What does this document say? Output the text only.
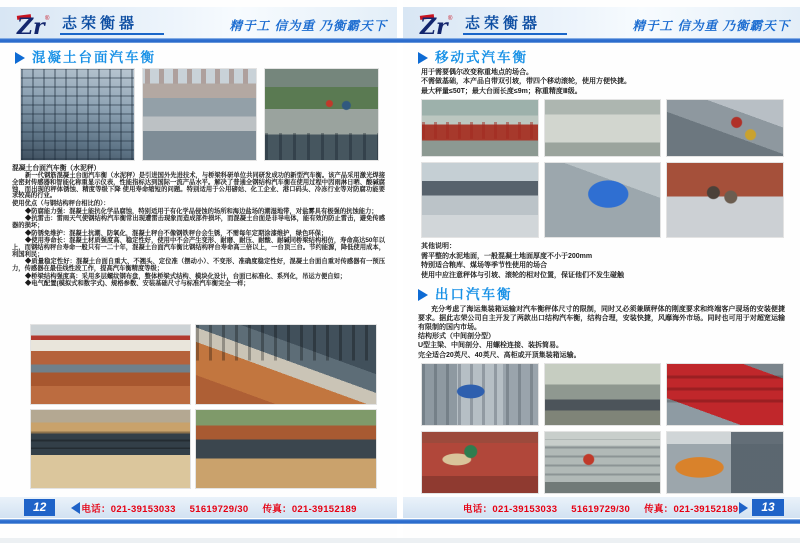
Zr ® 志荣衡器	精于工 信为重 乃衡霸天下
混凝土台面汽车衡

混凝土台面汽车衡（水泥秤）

新一代钢筋混凝土台面汽车衡（水泥秤）是引进国外先进技术，与桥梁科研单位共同研发成功的新型汽车衡。该产品采用激光焊接全密封传感器和智能化称重显示仪表，性能指标达到国际一流产品水平。解决了普通全钢结构汽车衡在使用过程中因雨淋日晒、酸碱腐蚀，而出现的秤体锈蚀、精度等级下降 使用寿命缩短的问题。特别适用于公用磅站、化工企业、港口码头、冷冻行业等对防腐功能要求较高的行业。

使用优点（与钢结构秤台相比的）：

◆防腐能力强：混凝土能抗化学品腐蚀，特别适用于有化学品侵蚀的场所和海边盐场的潮湿地带，对盐雾具有极强的抗蚀能力；

◆抗雷击：雷雨天气使钢结构汽车衡常出现遭雷击现象而造成部件损坏，而混凝土台面是非导电体，能有效的防止雷击，避免传感器的损坏；

◆防锈免维护：混凝土抗潮、防氧化，混凝土秤台不像钢铁秤台会生锈，不需每年定期涂漆维护，绿色环保；

◆使用寿命长：混凝土材质强度高、稳定性好，使用中不会产生变形、耐磨、耐压、耐酸、耐碱同桥梁结构相仿，寿命高达50年以上，而钢结构秤台寿命一般只有一二十年，混凝土台面汽车衡比钢结构秤台寿命高三倍以上，一台顶三台。节约能源，降低使用成本，利国利民；

◆质量稳定性好：混凝土台面自重大、不翘头、定位准（摆动小）、不变形、准确度稳定性好，混凝土台面自重对传感器有一预压力，传感器在最佳线性段工作，提高汽车衡精度等级；

◆桥梁结构强度高：采用多层螺纹钢布盘，整体桥梁式结构、模块化设计，台面已标准化、系列化，吊运方便自如；

◆电气配置(模拟式和数字式)、规格参数、安装基础尺寸与标准汽车衡完全一样；

12	电话：021-39153033 51619729/30 传真：021-39152189
Zr ® 志荣衡器	精于工 信为重 乃衡霸天下
移动式汽车衡

用于需要偶尔改变称重地点的场合。

不需做基础，本产品自带双引坡，带四个移动滚轮，使用方便快捷。

最大秤量≤50T；最大台面长度≤9m；称重精度Ⅲ级。

其他说明：

需平整的水泥地面，一般混凝土地面厚度不小于200mm

特别适合粮库、煤场等季节性使用的场合

使用中应注意秤体与引坡、滚轮的相对位置，保证他们不发生碰触

出口汽车衡

充分考虑了海运集装箱运输对汽车衡秤体尺寸的限制，同时又必须兼顾秤体的刚度要求和终端客户现场的安装便捷要求。据此志荣公司自主开发了两款出口结构汽车衡，结构合理，安装快捷，风靡海外市场。同时也可用于对超宽运输有限制的国内市场。

结构形式（中间剖分型）

U型主梁、中间剖分、用螺栓连接、装拆简易。

完全适合20英尺、40英尺、高柜或开顶集装箱运输。

电话：021-39153033 51619729/30 传真：021-39152189	13
